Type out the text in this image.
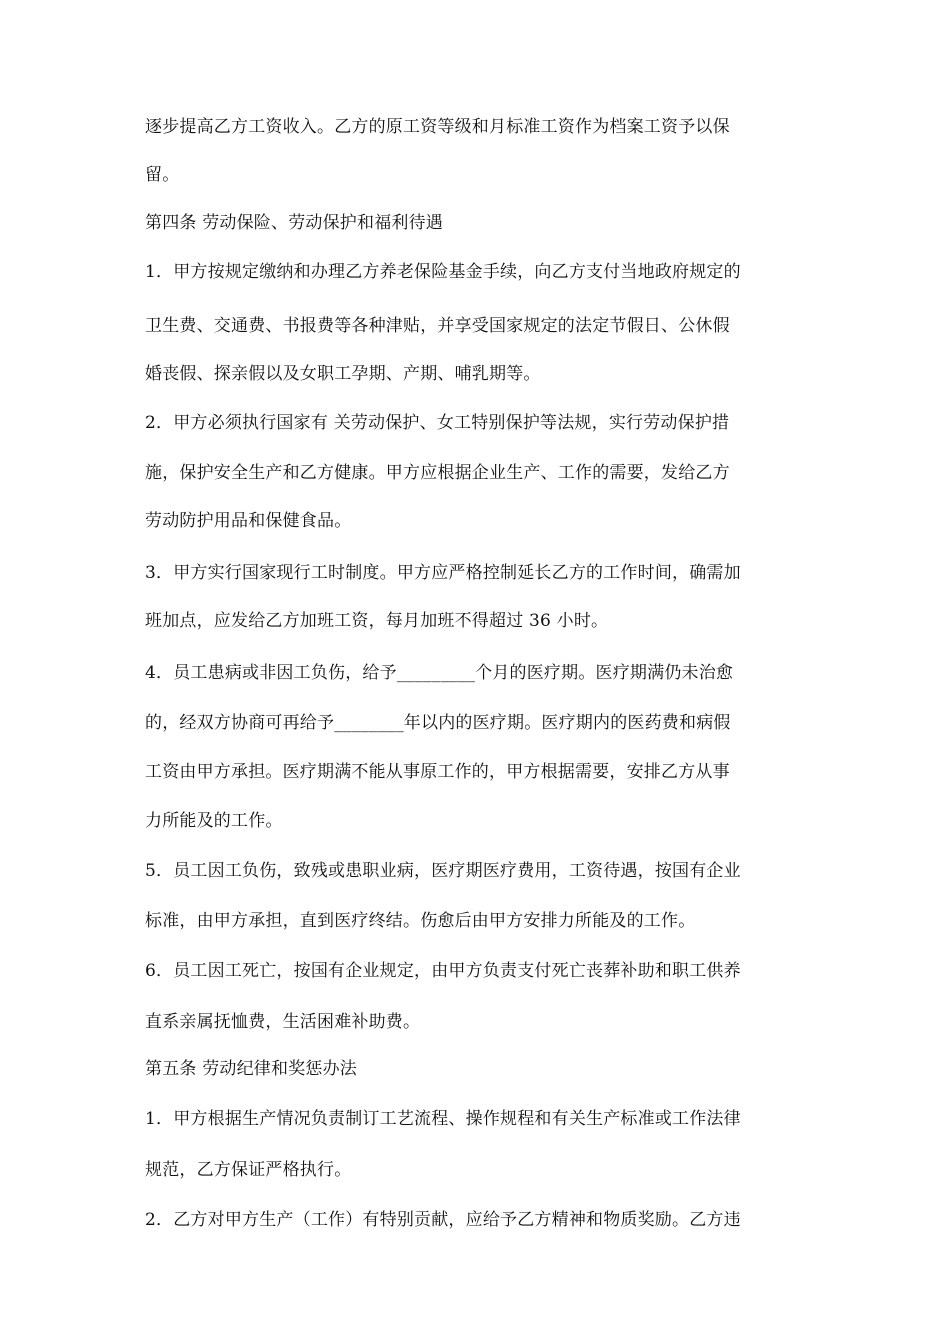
逐步提高乙方工资收入。乙方的原工资等级和月标准工资作为档案工资予以保
留。
第四条 劳动保险、劳动保护和福利待遇
1．甲方按规定缴纳和办理乙方养老保险基金手续，向乙方支付当地政府规定的
卫生费、交通费、书报费等各种津贴，并享受国家规定的法定节假日、公休假
婚丧假、探亲假以及女职工孕期、产期、哺乳期等。
2．甲方必须执行国家有 关劳动保护、女工特别保护等法规，实行劳动保护措
施，保护安全生产和乙方健康。甲方应根据企业生产、工作的需要，发给乙方
劳动防护用品和保健食品。
3．甲方实行国家现行工时制度。甲方应严格控制延长乙方的工作时间，确需加
班加点，应发给乙方加班工资，每月加班不得超过 36 小时。
4．员工患病或非因工负伤，给予_________个月的医疗期。医疗期满仍未治愈
的，经双方协商可再给予________年以内的医疗期。医疗期内的医药费和病假
工资由甲方承担。医疗期满不能从事原工作的，甲方根据需要，安排乙方从事
力所能及的工作。
5．员工因工负伤，致残或患职业病，医疗期医疗费用，工资待遇，按国有企业
标准，由甲方承担，直到医疗终结。伤愈后由甲方安排力所能及的工作。
6．员工因工死亡，按国有企业规定，由甲方负责支付死亡丧葬补助和职工供养
直系亲属抚恤费，生活困难补助费。
第五条 劳动纪律和奖惩办法
1．甲方根据生产情况负责制订工艺流程、操作规程和有关生产标准或工作法律
规范，乙方保证严格执行。
2．乙方对甲方生产（工作）有特别贡献，应给予乙方精神和物质奖励。乙方违
